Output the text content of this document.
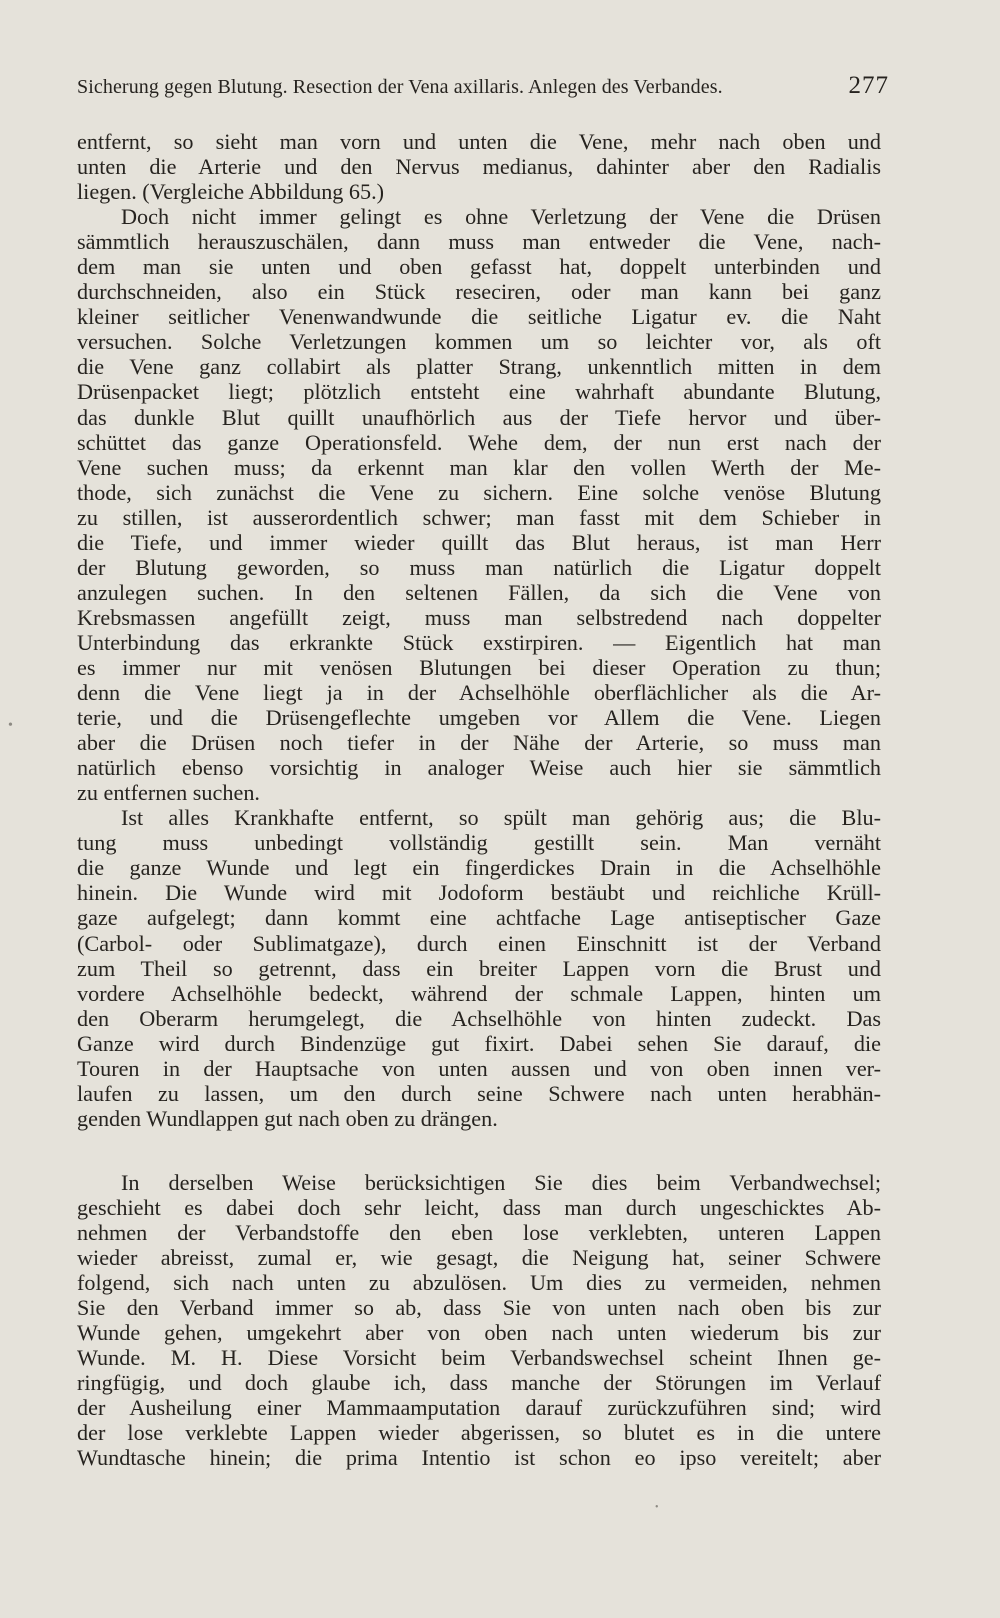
Sicherung gegen Blutung. Resection der Vena axillaris. Anlegen des Verbandes.	277
entfernt, so sieht man vorn und unten die Vene, mehr nach oben und
unten die Arterie und den Nervus medianus, dahinter aber den Radialis
liegen. (Vergleiche Abbildung 65.)
Doch nicht immer gelingt es ohne Verletzung der Vene die Drüsen
sämmtlich herauszuschälen, dann muss man entweder die Vene, nach-
dem man sie unten und oben gefasst hat, doppelt unterbinden und
durchschneiden, also ein Stück reseciren, oder man kann bei ganz
kleiner seitlicher Venenwandwunde die seitliche Ligatur ev. die Naht
versuchen. Solche Verletzungen kommen um so leichter vor, als oft
die Vene ganz collabirt als platter Strang, unkenntlich mitten in dem
Drüsenpacket liegt; plötzlich entsteht eine wahrhaft abundante Blutung,
das dunkle Blut quillt unaufhörlich aus der Tiefe hervor und über-
schüttet das ganze Operationsfeld. Wehe dem, der nun erst nach der
Vene suchen muss; da erkennt man klar den vollen Werth der Me-
thode, sich zunächst die Vene zu sichern. Eine solche venöse Blutung
zu stillen, ist ausserordentlich schwer; man fasst mit dem Schieber in
die Tiefe, und immer wieder quillt das Blut heraus, ist man Herr
der Blutung geworden, so muss man natürlich die Ligatur doppelt
anzulegen suchen. In den seltenen Fällen, da sich die Vene von
Krebsmassen angefüllt zeigt, muss man selbstredend nach doppelter
Unterbindung das erkrankte Stück exstirpiren. — Eigentlich hat man
es immer nur mit venösen Blutungen bei dieser Operation zu thun;
denn die Vene liegt ja in der Achselhöhle oberflächlicher als die Ar-
terie, und die Drüsengeflechte umgeben vor Allem die Vene. Liegen
aber die Drüsen noch tiefer in der Nähe der Arterie, so muss man
natürlich ebenso vorsichtig in analoger Weise auch hier sie sämmtlich
zu entfernen suchen.
Ist alles Krankhafte entfernt, so spült man gehörig aus; die Blu-
tung muss unbedingt vollständig gestillt sein. Man vernäht
die ganze Wunde und legt ein fingerdickes Drain in die Achselhöhle
hinein. Die Wunde wird mit Jodoform bestäubt und reichliche Krüll-
gaze aufgelegt; dann kommt eine achtfache Lage antiseptischer Gaze
(Carbol- oder Sublimatgaze), durch einen Einschnitt ist der Verband
zum Theil so getrennt, dass ein breiter Lappen vorn die Brust und
vordere Achselhöhle bedeckt, während der schmale Lappen, hinten um
den Oberarm herumgelegt, die Achselhöhle von hinten zudeckt. Das
Ganze wird durch Bindenzüge gut fixirt. Dabei sehen Sie darauf, die
Touren in der Hauptsache von unten aussen und von oben innen ver-
laufen zu lassen, um den durch seine Schwere nach unten herabhän-
genden Wundlappen gut nach oben zu drängen.
In derselben Weise berücksichtigen Sie dies beim Verbandwechsel;
geschieht es dabei doch sehr leicht, dass man durch ungeschicktes Ab-
nehmen der Verbandstoffe den eben lose verklebten, unteren Lappen
wieder abreisst, zumal er, wie gesagt, die Neigung hat, seiner Schwere
folgend, sich nach unten zu abzulösen. Um dies zu vermeiden, nehmen
Sie den Verband immer so ab, dass Sie von unten nach oben bis zur
Wunde gehen, umgekehrt aber von oben nach unten wiederum bis zur
Wunde. M. H. Diese Vorsicht beim Verbandswechsel scheint Ihnen ge-
ringfügig, und doch glaube ich, dass manche der Störungen im Verlauf
der Ausheilung einer Mammaamputation darauf zurückzuführen sind; wird
der lose verklebte Lappen wieder abgerissen, so blutet es in die untere
Wundtasche hinein; die prima Intentio ist schon eo ipso vereitelt; aber
•
•
